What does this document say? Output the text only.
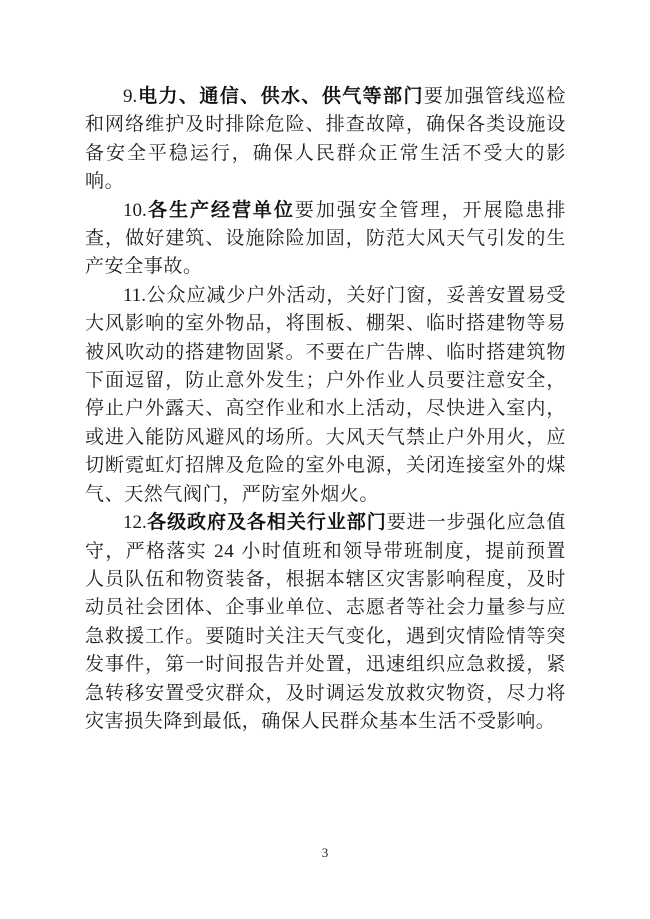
9.电力、通信、供水、供气等部门要加强管线巡检和网络维护及时排除危险、排查故障，确保各类设施设备安全平稳运行，确保人民群众正常生活不受大的影响。

10.各生产经营单位要加强安全管理，开展隐患排查，做好建筑、设施除险加固，防范大风天气引发的生产安全事故。

11.公众应减少户外活动，关好门窗，妥善安置易受大风影响的室外物品，将围板、棚架、临时搭建物等易被风吹动的搭建物固紧。不要在广告牌、临时搭建筑物下面逗留，防止意外发生；户外作业人员要注意安全，停止户外露天、高空作业和水上活动，尽快进入室内，或进入能防风避风的场所。大风天气禁止户外用火，应切断霓虹灯招牌及危险的室外电源，关闭连接室外的煤气、天然气阀门，严防室外烟火。

12.各级政府及各相关行业部门要进一步强化应急值守，严格落实 24 小时值班和领导带班制度，提前预置人员队伍和物资装备，根据本辖区灾害影响程度，及时动员社会团体、企事业单位、志愿者等社会力量参与应急救援工作。要随时关注天气变化，遇到灾情险情等突发事件，第一时间报告并处置，迅速组织应急救援，紧急转移安置受灾群众，及时调运发放救灾物资，尽力将灾害损失降到最低，确保人民群众基本生活不受影响。

3
